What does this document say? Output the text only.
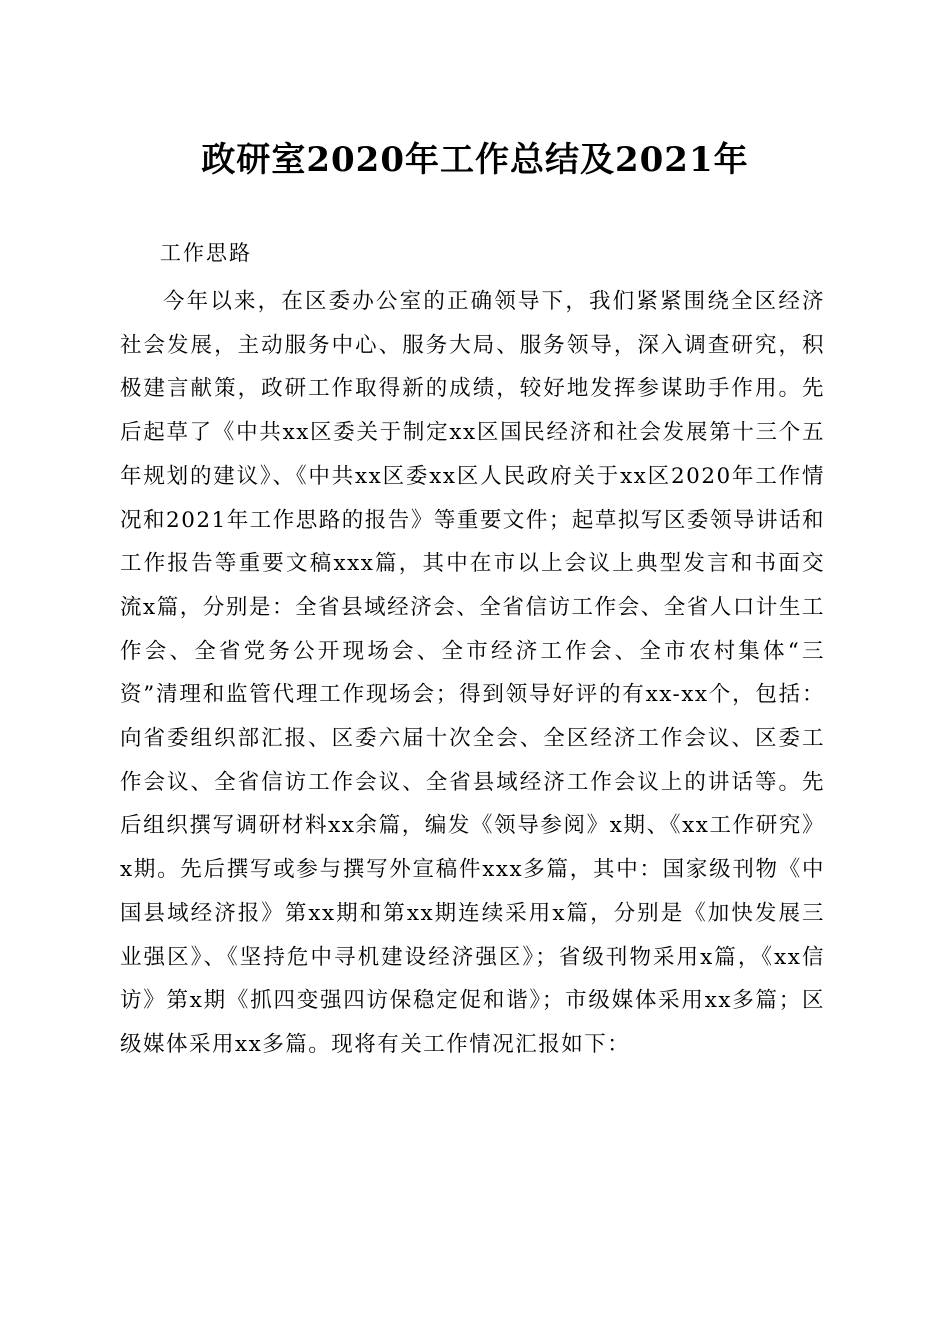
政研室2020年工作总结及2021年

工作思路

今年以来，在区委办公室的正确领导下，我们紧紧围绕全区经济社会发展，主动服务中心、服务大局、服务领导，深入调查研究，积极建言献策，政研工作取得新的成绩，较好地发挥参谋助手作用。先后起草了《中共xx区委关于制定xx区国民经济和社会发展第十三个五年规划的建议》、《中共xx区委xx区人民政府关于xx区2020年工作情况和2021年工作思路的报告》等重要文件；起草拟写区委领导讲话和工作报告等重要文稿xxx篇，其中在市以上会议上典型发言和书面交流x篇，分别是：全省县域经济会、全省信访工作会、全省人口计生工作会、全省党务公开现场会、全市经济工作会、全市农村集体“三资”清理和监管代理工作现场会；得到领导好评的有xx-xx个，包括：向省委组织部汇报、区委六届十次全会、全区经济工作会议、区委工作会议、全省信访工作会议、全省县域经济工作会议上的讲话等。先后组织撰写调研材料xx余篇，编发《领导参阅》x期、《xx工作研究》x期。先后撰写或参与撰写外宣稿件xxx多篇，其中：国家级刊物《中国县域经济报》第xx期和第xx期连续采用x篇，分别是《加快发展三业强区》、《坚持危中寻机建设经济强区》；省级刊物采用x篇，《xx信访》第x期《抓四变强四访保稳定促和谐》；市级媒体采用xx多篇；区级媒体采用xx多篇。现将有关工作情况汇报如下：
